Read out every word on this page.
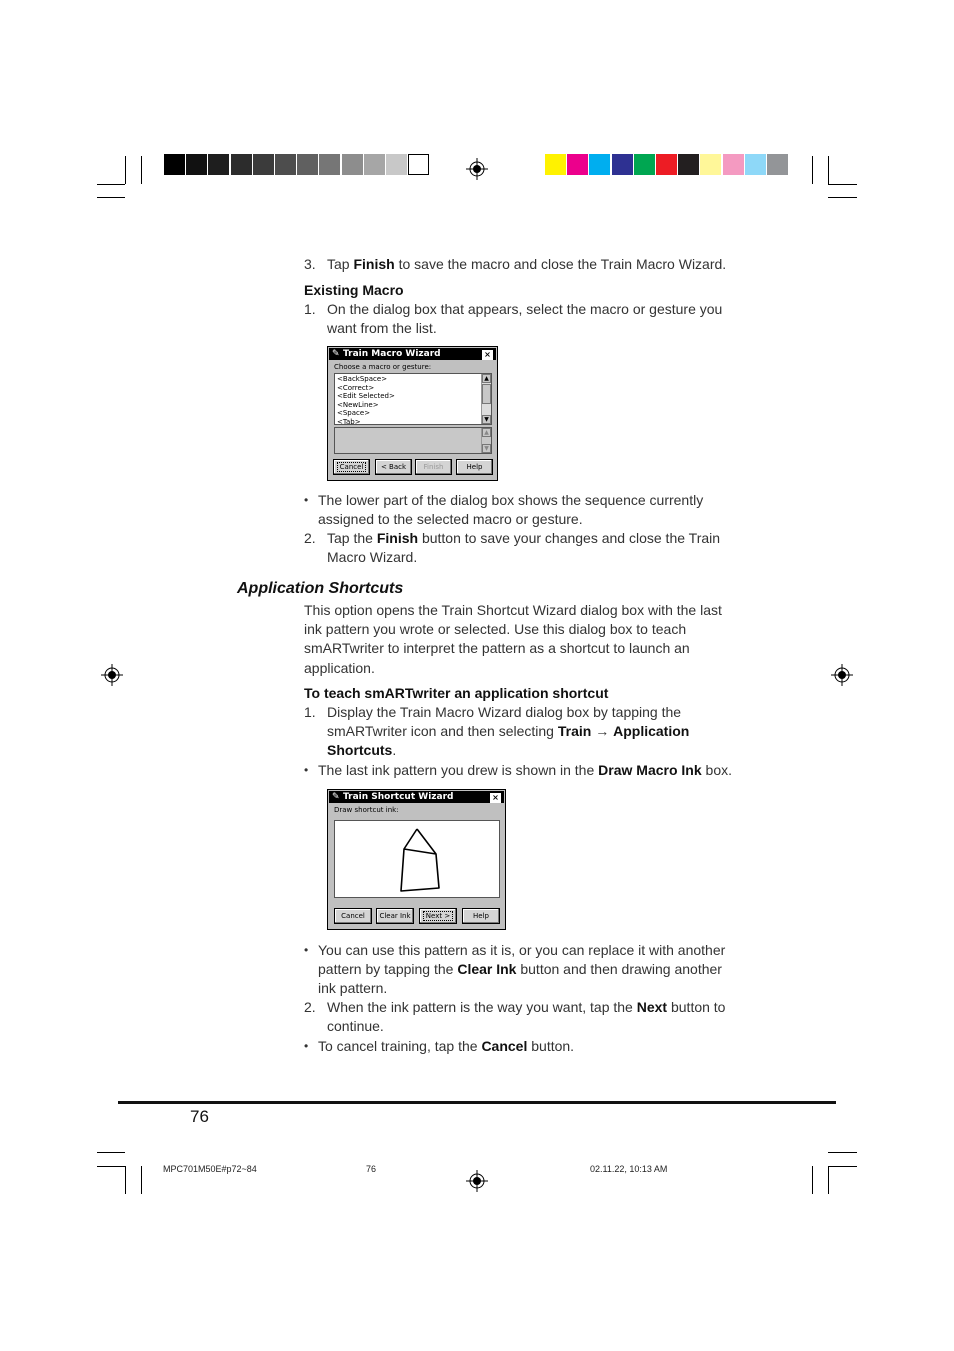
3. Tap Finish to save the macro and close the Train Macro Wizard.
Existing Macro
1. On the dialog box that appears, select the macro or gesture you
want from the list.
✎ Train Macro Wizard	×
Choose a macro or gesture:
<BackSpace>
<Correct>
<Edit Selected>
<NewLine>
<Space>
<Tab>
▲
▼
▲
▼
Cancel	< Back	Finish	Help
• The lower part of the dialog box shows the sequence currently
assigned to the selected macro or gesture.
2. Tap the Finish button to save your changes and close the Train
Macro Wizard.
Application Shortcuts
This option opens the Train Shortcut Wizard dialog box with the last
ink pattern you wrote or selected. Use this dialog box to teach
smARTwriter to interpret the pattern as a shortcut to launch an
application.
To teach smARTwriter an application shortcut
1. Display the Train Macro Wizard dialog box by tapping the
smARTwriter icon and then selecting Train → Application
Shortcuts.
• The last ink pattern you drew is shown in the Draw Macro Ink box.
✎ Train Shortcut Wizard	×
Draw shortcut ink:
Cancel	Clear Ink	Next >	Help
• You can use this pattern as it is, or you can replace it with another
pattern by tapping the Clear Ink button and then drawing another
ink pattern.
2. When the ink pattern is the way you want, tap the Next button to
continue.
• To cancel training, tap the Cancel button.
76
MPC701M50E#p72~84	76	02.11.22, 10:13 AM
